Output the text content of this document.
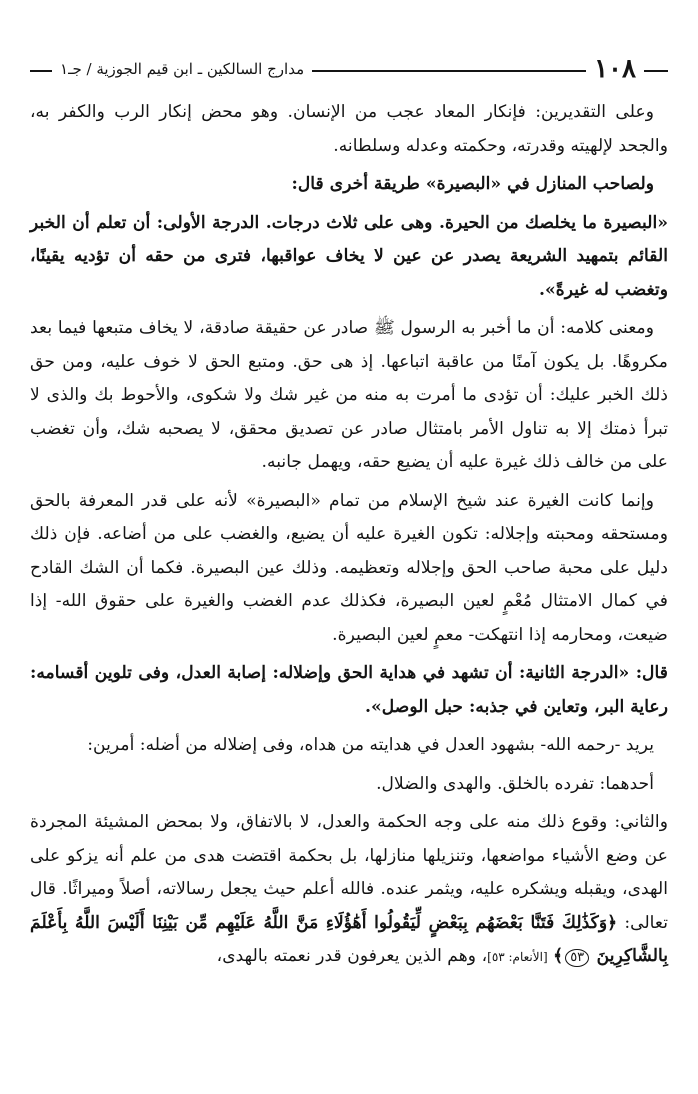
١٠٨
مدارج السالكين ـ ابن قيم الجوزية / جـ١

وعلى التقديرين: فإنكار المعاد عجب من الإنسان. وهو محض إنكار الرب والكفر به، والجحد لإلهيته وقدرته، وحكمته وعدله وسلطانه.

ولصاحب المنازل في «البصيرة» طريقة أخرى قال:

«البصيرة ما يخلصك من الحيرة. وهى على ثلاث درجات. الدرجة الأولى: أن تعلم أن الخبر القائم بتمهيد الشريعة يصدر عن عين لا يخاف عواقبها، فترى من حقه أن تؤديه يقينًا، وتغضب له غيرةً».

ومعنى كلامه: أن ما أخبر به الرسول ﷺ صادر عن حقيقة صادقة، لا يخاف متبعها فيما بعد مكروهًا. بل يكون آمنًا من عاقبة اتباعها. إذ هى حق. ومتبع الحق لا خوف عليه، ومن حق ذلك الخبر عليك: أن تؤدى ما أمرت به منه من غير شك ولا شكوى، والأحوط بك والذى لا تبرأ ذمتك إلا به تناول الأمر بامتثال صادر عن تصديق محقق، لا يصحبه شك، وأن تغضب على من خالف ذلك غيرة عليه أن يضيع حقه، ويهمل جانبه.

وإنما كانت الغيرة عند شيخ الإسلام من تمام «البصيرة» لأنه على قدر المعرفة بالحق ومستحقه ومحبته وإجلاله: تكون الغيرة عليه أن يضيع، والغضب على من أضاعه. فإن ذلك دليل على محبة صاحب الحق وإجلاله وتعظيمه. وذلك عين البصيرة. فكما أن الشك القادح في كمال الامتثال مُعْمٍ لعين البصيرة، فكذلك عدم الغضب والغيرة على حقوق الله- إذا ضيعت، ومحارمه إذا انتهكت- معمٍ لعين البصيرة.

قال: «الدرجة الثانية: أن تشهد في هداية الحق وإضلاله: إصابة العدل، وفى تلوين أقسامه: رعاية البر، وتعاين في جذبه: حبل الوصل».

يريد -رحمه الله- بشهود العدل في هدايته من هداه، وفى إضلاله من أضله: أمرين:

أحدهما: تفرده بالخلق. والهدى والضلال.

والثاني: وقوع ذلك منه على وجه الحكمة والعدل، لا بالاتفاق، ولا بمحض المشيئة المجردة عن وضع الأشياء مواضعها، وتنزيلها منازلها، بل بحكمة اقتضت هدى من علم أنه يزكو على الهدى، ويقبله ويشكره عليه، ويثمر عنده. فالله أعلم حيث يجعل رسالاته، أصلاً وميراثًا. قال تعالى: ﴿وَكَذَٰلِكَ فَتَنَّا بَعْضَهُم بِبَعْضٍ لِّيَقُولُوا أَهَٰؤُلَاءِ مَنَّ اللَّهُ عَلَيْهِم مِّن بَيْنِنَا أَلَيْسَ اللَّهُ بِأَعْلَمَ بِالشَّاكِرِينَ ٥٣﴾ [الأنعام: ٥٣]، وهم الذين يعرفون قدر نعمته بالهدى،
